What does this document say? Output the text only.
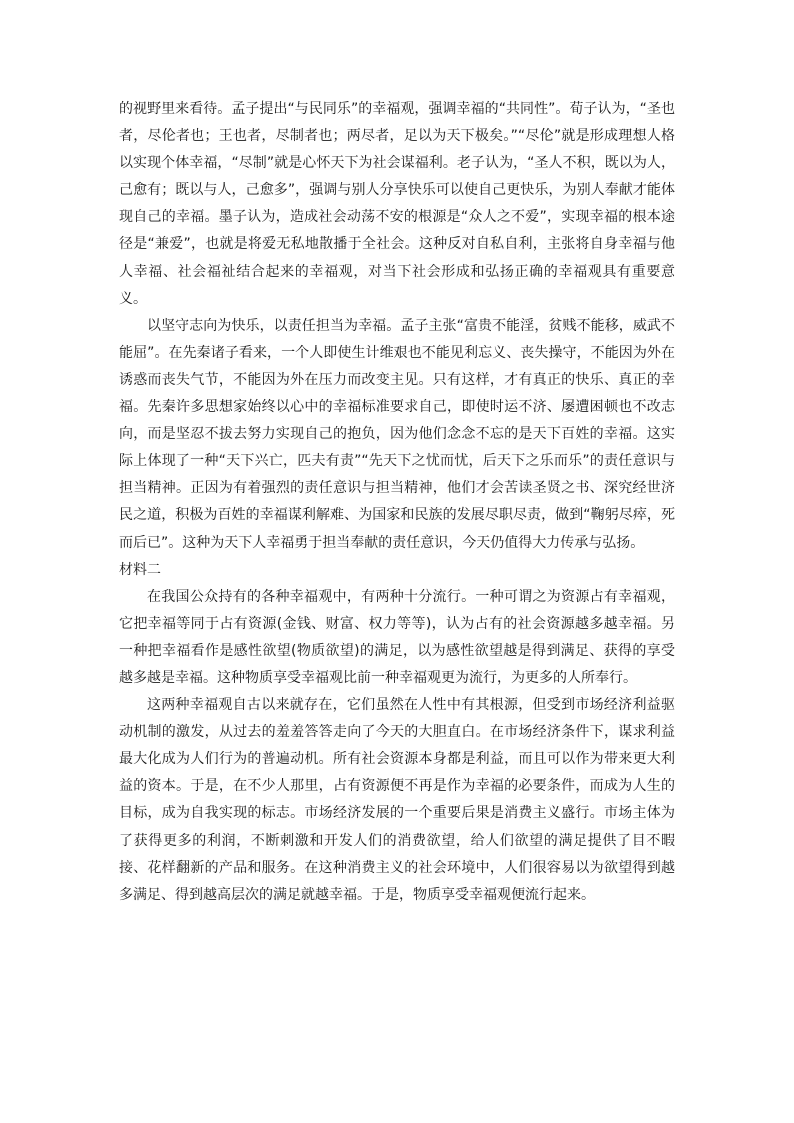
的视野里来看待。孟子提出“与民同乐”的幸福观，强调幸福的“共同性”。荀子认为，“圣也者，尽伦者也；王也者，尽制者也；两尽者，足以为天下极矣。”“尽伦”就是形成理想人格以实现个体幸福，“尽制”就是心怀天下为社会谋福利。老子认为，“圣人不积，既以为人，己愈有；既以与人，己愈多”，强调与别人分享快乐可以使自己更快乐，为别人奉献才能体现自己的幸福。墨子认为，造成社会动荡不安的根源是“众人之不爱”，实现幸福的根本途径是“兼爱”，也就是将爱无私地散播于全社会。这种反对自私自利，主张将自身幸福与他人幸福、社会福祉结合起来的幸福观，对当下社会形成和弘扬正确的幸福观具有重要意义。

以坚守志向为快乐，以责任担当为幸福。孟子主张“富贵不能淫，贫贱不能移，威武不能屈”。在先秦诸子看来，一个人即使生计维艰也不能见利忘义、丧失操守，不能因为外在诱惑而丧失气节，不能因为外在压力而改变主见。只有这样，才有真正的快乐、真正的幸福。先秦许多思想家始终以心中的幸福标准要求自己，即使时运不济、屡遭困顿也不改志向，而是坚忍不拔去努力实现自己的抱负，因为他们念念不忘的是天下百姓的幸福。这实际上体现了一种“天下兴亡，匹夫有责”“先天下之忧而忧，后天下之乐而乐”的责任意识与担当精神。正因为有着强烈的责任意识与担当精神，他们才会苦读圣贤之书、深究经世济民之道，积极为百姓的幸福谋利解难、为国家和民族的发展尽职尽责，做到“鞠躬尽瘁，死而后已”。这种为天下人幸福勇于担当奉献的责任意识，今天仍值得大力传承与弘扬。

材料二

在我国公众持有的各种幸福观中，有两种十分流行。一种可谓之为资源占有幸福观，它把幸福等同于占有资源(金钱、财富、权力等等)，认为占有的社会资源越多越幸福。另一种把幸福看作是感性欲望(物质欲望)的满足，以为感性欲望越是得到满足、获得的享受越多越是幸福。这种物质享受幸福观比前一种幸福观更为流行，为更多的人所奉行。

这两种幸福观自古以来就存在，它们虽然在人性中有其根源，但受到市场经济利益驱动机制的激发，从过去的羞羞答答走向了今天的大胆直白。在市场经济条件下，谋求利益最大化成为人们行为的普遍动机。所有社会资源本身都是利益，而且可以作为带来更大利益的资本。于是，在不少人那里，占有资源便不再是作为幸福的必要条件，而成为人生的目标，成为自我实现的标志。市场经济发展的一个重要后果是消费主义盛行。市场主体为了获得更多的利润，不断刺激和开发人们的消费欲望，给人们欲望的满足提供了目不暇接、花样翻新的产品和服务。在这种消费主义的社会环境中，人们很容易以为欲望得到越多满足、得到越高层次的满足就越幸福。于是，物质享受幸福观便流行起来。
